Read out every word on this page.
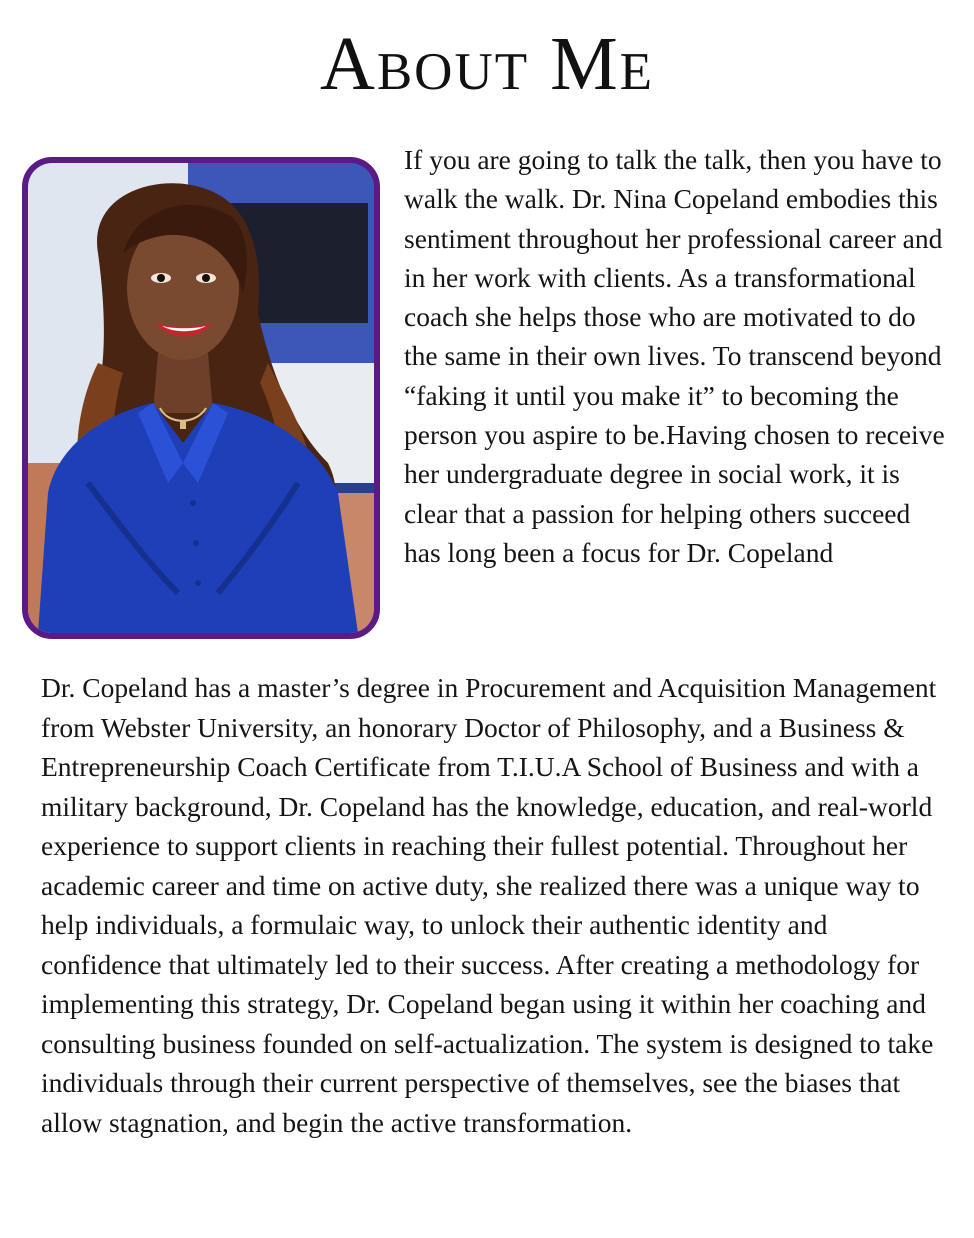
About Me

If you are going to talk the talk, then you have to walk the walk. Dr. Nina Copeland embodies this sentiment throughout her professional career and in her work with clients. As a transformational coach she helps those who are motivated to do the same in their own lives. To transcend beyond “faking it until you make it” to becoming the person you aspire to be.Having chosen to receive her undergraduate degree in social work, it is clear that a passion for helping others succeed has long been a focus for Dr. Copeland

Dr. Copeland has a master’s degree in Procurement and Acquisition Management from Webster University, an honorary Doctor of Philosophy, and a Business & Entrepreneurship Coach Certificate from T.I.U.A School of Business and with a military background, Dr. Copeland has the knowledge, education, and real-world experience to support clients in reaching their fullest potential. Throughout her academic career and time on active duty, she realized there was a unique way to help individuals, a formulaic way, to unlock their authentic identity and confidence that ultimately led to their success. After creating a methodology for implementing this strategy, Dr. Copeland began using it within her coaching and consulting business founded on self-actualization. The system is designed to take individuals through their current perspective of themselves, see the biases that allow stagnation, and begin the active transformation.
